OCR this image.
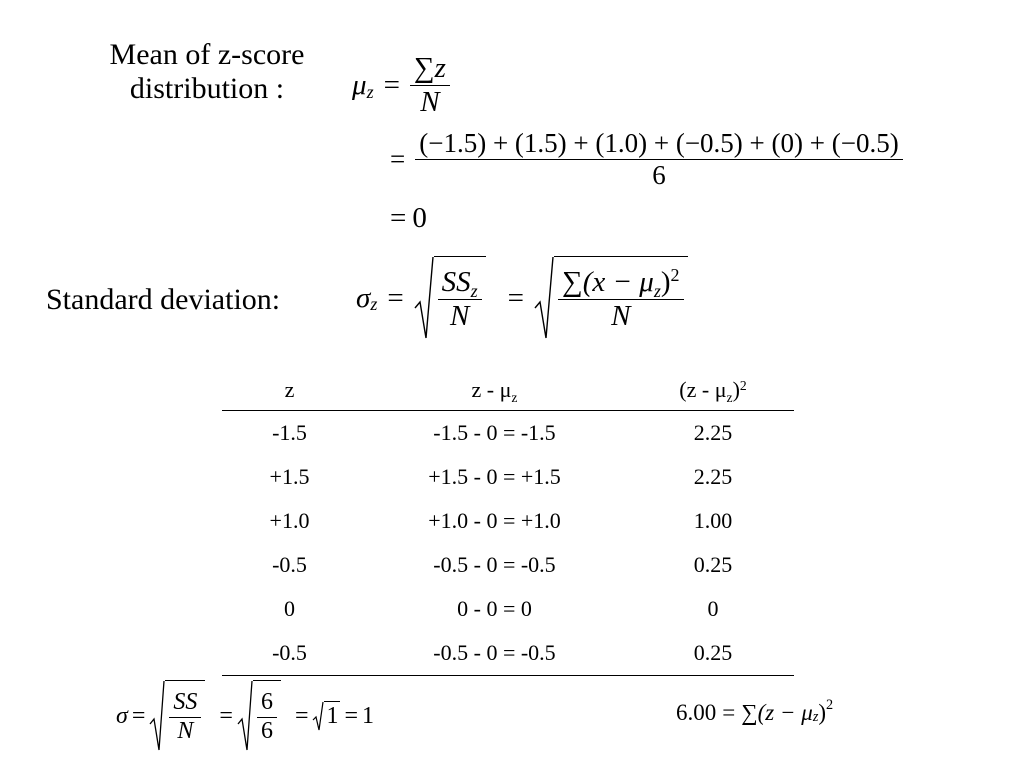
Mean of z-score
distribution :	μ $z = \frac{\sum z}{N}$
= $\frac{(-1.5) + (1.5) + (1.0) + (-0.5) + (0) + (-0.5)}{6}$
= 0
Standard deviation:	σ $z = \frac{SS_z}{N} = \frac{\sum(x - \mu_z)^2}{N}$
z	z - $\mu_z$	$(z - \mu_z)^2$
-1.5	-1.5 - 0 = -1.5	2.25
+1.5	+1.5 - 0 = +1.5	2.25
+1.0	+1.0 - 0 = +1.0	1.00
-0.5	-0.5 - 0 = -0.5	0.25
0	0 - 0 = 0	0
-0.5	-0.5 - 0 = -0.5	0.25
$\sigma = \frac{SS}{N} = \frac{6}{6} = 1 = 1$	6.00 = ∑(z − μ z ) 2
